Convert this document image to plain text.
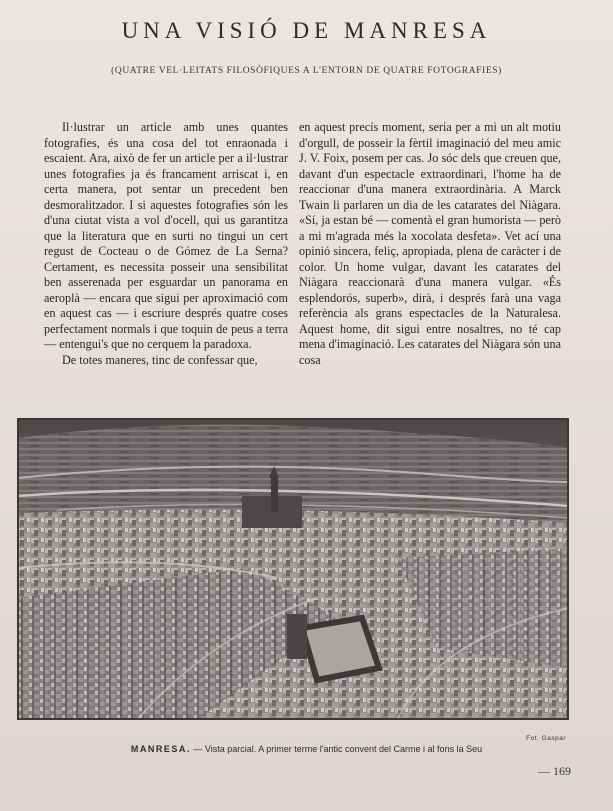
UNA VISIÓ DE MANRESA
(QUATRE VEL·LEITATS FILOSÒFIQUES A L'ENTORN DE QUATRE FOTOGRAFIES)

Il·lustrar un article amb unes quantes fotografies, és una cosa del tot enraonada i escaient. Ara, això de fer un article per a il·lustrar unes fotografies ja és francament arriscat i, en certa manera, pot sentar un precedent ben desmoralitzador. I si aquestes fotografies són les d'una ciutat vista a vol d'ocell, qui us garantitza que la literatura que en surti no tingui un cert regust de Cocteau o de Gómez de La Serna? Certament, es necessita posseir una sensibilitat ben asserenada per esguardar un panorama en aeroplà — encara que sigui per aproximació com en aquest cas — i escriure després quatre coses perfectament normals i que toquin de peus a terra — entengui's que no cerquem la paradoxa.

De totes maneres, tinc de confessar que,

en aquest precís moment, seria per a mi un alt motiu d'orgull, de posseir la fèrtil imaginació del meu amic J. V. Foix, posem per cas. Jo sóc dels que creuen que, davant d'un espectacle extraordinari, l'home ha de reaccionar d'una manera extraordinària. A Marck Twain li parlaren un dia de les catarates del Niàgara. «Sí, ja estan bé — comentà el gran humorista — però a mi m'agrada més la xocolata desfeta». Vet ací una opinió sincera, feliç, apropiada, plena de caràcter i de color. Un home vulgar, davant les catarates del Niàgara reaccionarà d'una manera vulgar. «És esplendorós, superb», dirà, i després farà una vaga referència als grans espectacles de la Naturalesa. Aquest home, dit sigui entre nosaltres, no té cap mena d'imaginació. Les catarates del Niàgara són una cosa

Fot. Gaspar
MANRESA. — Vista parcial. A primer terme l'antic convent del Carme i al fons la Seu
— 169
